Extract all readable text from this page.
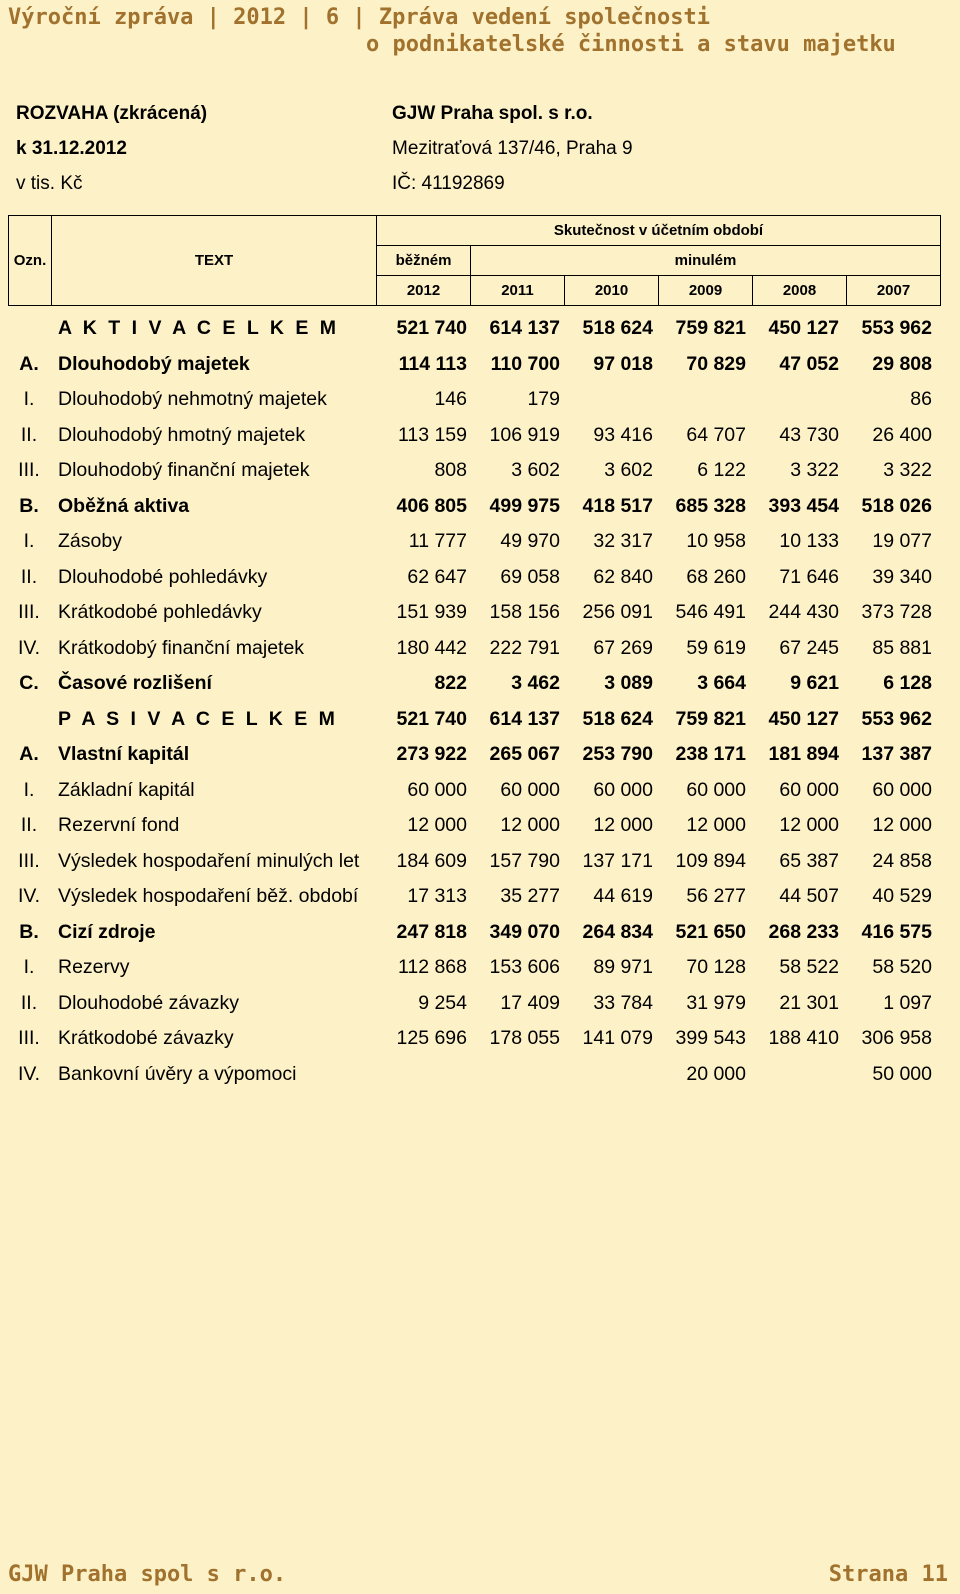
Výroční zpráva | 2012 | 6 | Zpráva vedení společnosti
o podnikatelské činnosti a stavu majetku
ROZVAHA (zkrácená)
k 31.12.2012
v tis. Kč
GJW Praha spol. s r.o.
Mezitraťová 137/46, Praha 9
IČ: 41192869
Ozn.	TEXT	Skutečnost v účetním období					
		běžném	minulém				
		2012	2011	2010	2009	2008	2007
	A K T I V A C E L K E M	521 740	614 137	518 624	759 821	450 127	553 962
A.	Dlouhodobý majetek	114 113	110 700	97 018	70 829	47 052	29 808
I.	Dlouhodobý nehmotný majetek	146	179				86
II.	Dlouhodobý hmotný majetek	113 159	106 919	93 416	64 707	43 730	26 400
III.	Dlouhodobý finanční majetek	808	3 602	3 602	6 122	3 322	3 322
B.	Oběžná aktiva	406 805	499 975	418 517	685 328	393 454	518 026
I.	Zásoby	11 777	49 970	32 317	10 958	10 133	19 077
II.	Dlouhodobé pohledávky	62 647	69 058	62 840	68 260	71 646	39 340
III.	Krátkodobé pohledávky	151 939	158 156	256 091	546 491	244 430	373 728
IV.	Krátkodobý finanční majetek	180 442	222 791	67 269	59 619	67 245	85 881
C.	Časové rozlišení	822	3 462	3 089	3 664	9 621	6 128
	P A S I V A C E L K E M	521 740	614 137	518 624	759 821	450 127	553 962
A.	Vlastní kapitál	273 922	265 067	253 790	238 171	181 894	137 387
I.	Základní kapitál	60 000	60 000	60 000	60 000	60 000	60 000
II.	Rezervní fond	12 000	12 000	12 000	12 000	12 000	12 000
III.	Výsledek hospodaření minulých let	184 609	157 790	137 171	109 894	65 387	24 858
IV.	Výsledek hospodaření běž. období	17 313	35 277	44 619	56 277	44 507	40 529
B.	Cizí zdroje	247 818	349 070	264 834	521 650	268 233	416 575
I.	Rezervy	112 868	153 606	89 971	70 128	58 522	58 520
II.	Dlouhodobé závazky	9 254	17 409	33 784	31 979	21 301	1 097
III.	Krátkodobé závazky	125 696	178 055	141 079	399 543	188 410	306 958
IV.	Bankovní úvěry a výpomoci				20 000		50 000
GJW Praha spol s r.o.	Strana 11
